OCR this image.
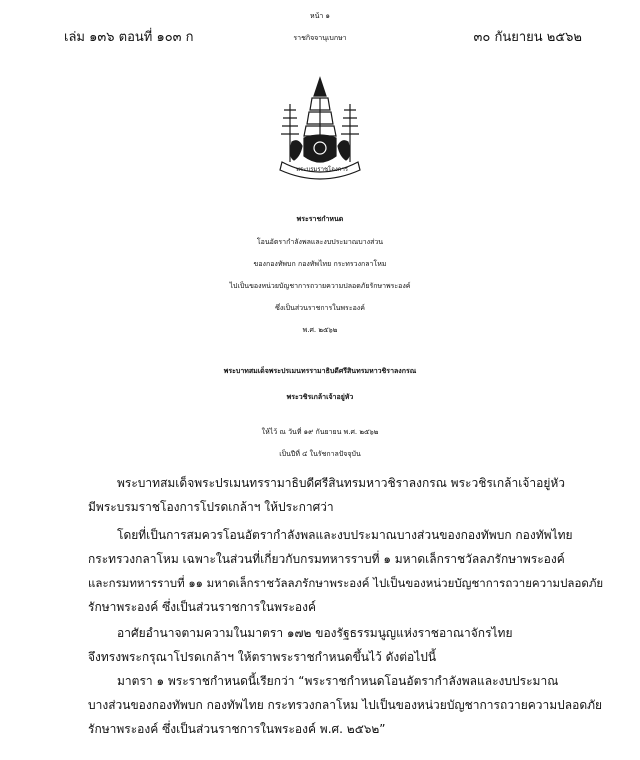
หน้า ๑
เล่ม ๑๓๖ ตอนที่ ๑๐๓ ก	ราชกิจจานุเบกษา	๓๐ กันยายน ๒๕๖๒
พระบรมราชโองการ
พระราชกำหนด
โอนอัตรากำลังพลและงบประมาณบางส่วน
ของกองทัพบก กองทัพไทย กระทรวงกลาโหม
ไปเป็นของหน่วยบัญชาการถวายความปลอดภัยรักษาพระองค์
ซึ่งเป็นส่วนราชการในพระองค์
พ.ศ. ๒๕๖๒
พระบาทสมเด็จพระปรเมนทรรามาธิบดีศรีสินทรมหาวชิราลงกรณ
พระวชิรเกล้าเจ้าอยู่หัว
ให้ไว้ ณ วันที่ ๑๙ กันยายน พ.ศ. ๒๕๖๒
เป็นปีที่ ๔ ในรัชกาลปัจจุบัน
พระบาทสมเด็จพระปรเมนทรรามาธิบดีศรีสินทรมหาวชิราลงกรณ พระวชิรเกล้าเจ้าอยู่หัว
มีพระบรมราชโองการโปรดเกล้าฯ ให้ประกาศว่า
โดยที่เป็นการสมควรโอนอัตรากำลังพลและงบประมาณบางส่วนของกองทัพบก กองทัพไทย
กระทรวงกลาโหม เฉพาะในส่วนที่เกี่ยวกับกรมทหารราบที่ ๑ มหาดเล็กราชวัลลภรักษาพระองค์
และกรมทหารราบที่ ๑๑ มหาดเล็กราชวัลลภรักษาพระองค์ ไปเป็นของหน่วยบัญชาการถวายความปลอดภัย
รักษาพระองค์ ซึ่งเป็นส่วนราชการในพระองค์
อาศัยอำนาจตามความในมาตรา ๑๗๒ ของรัฐธรรมนูญแห่งราชอาณาจักรไทย
จึงทรงพระกรุณาโปรดเกล้าฯ ให้ตราพระราชกำหนดขึ้นไว้ ดังต่อไปนี้
มาตรา ๑ พระราชกำหนดนี้เรียกว่า “พระราชกำหนดโอนอัตรากำลังพลและงบประมาณ
บางส่วนของกองทัพบก กองทัพไทย กระทรวงกลาโหม ไปเป็นของหน่วยบัญชาการถวายความปลอดภัย
รักษาพระองค์ ซึ่งเป็นส่วนราชการในพระองค์ พ.ศ. ๒๕๖๒”
